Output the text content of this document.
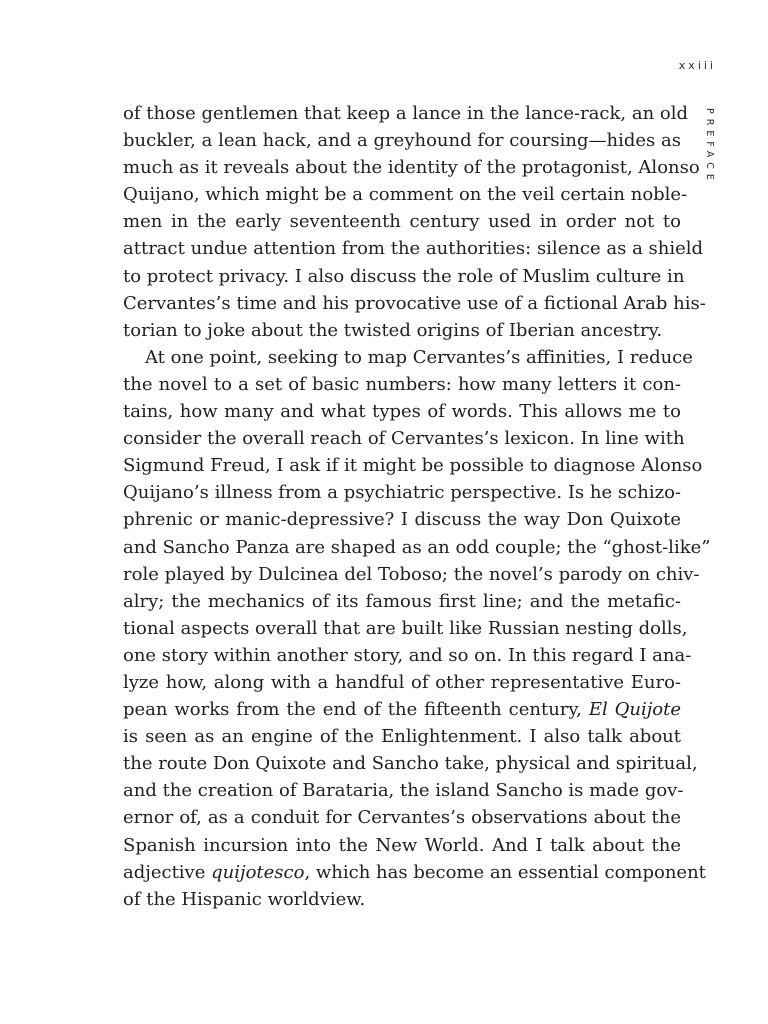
xxiii
PREFACE
of those gentlemen that keep a lance in the lance-rack, an old
buckler, a lean hack, and a greyhound for coursing—hides as
much as it reveals about the identity of the protagonist, Alonso
Quijano, which might be a comment on the veil certain noble-
men in the early seventeenth century used in order not to
attract undue attention from the authorities: silence as a shield
to protect privacy. I also discuss the role of Muslim culture in
Cervantes’s time and his provocative use of a fictional Arab his-
torian to joke about the twisted origins of Iberian ancestry.
At one point, seeking to map Cervantes’s affinities, I reduce
the novel to a set of basic numbers: how many letters it con-
tains, how many and what types of words. This allows me to
consider the overall reach of Cervantes’s lexicon. In line with
Sigmund Freud, I ask if it might be possible to diagnose Alonso
Quijano’s illness from a psychiatric perspective. Is he schizo-
phrenic or manic-depressive? I discuss the way Don Quixote
and Sancho Panza are shaped as an odd couple; the “ghost-like”
role played by Dulcinea del Toboso; the novel’s parody on chiv-
alry; the mechanics of its famous first line; and the metafic-
tional aspects overall that are built like Russian nesting dolls,
one story within another story, and so on. In this regard I ana-
lyze how, along with a handful of other representative Euro-
pean works from the end of the fifteenth century, El Quijote
is seen as an engine of the Enlightenment. I also talk about
the route Don Quixote and Sancho take, physical and spiritual,
and the creation of Barataria, the island Sancho is made gov-
ernor of, as a conduit for Cervantes’s observations about the
Spanish incursion into the New World. And I talk about the
adjective quijotesco, which has become an essential component
of the Hispanic worldview.
